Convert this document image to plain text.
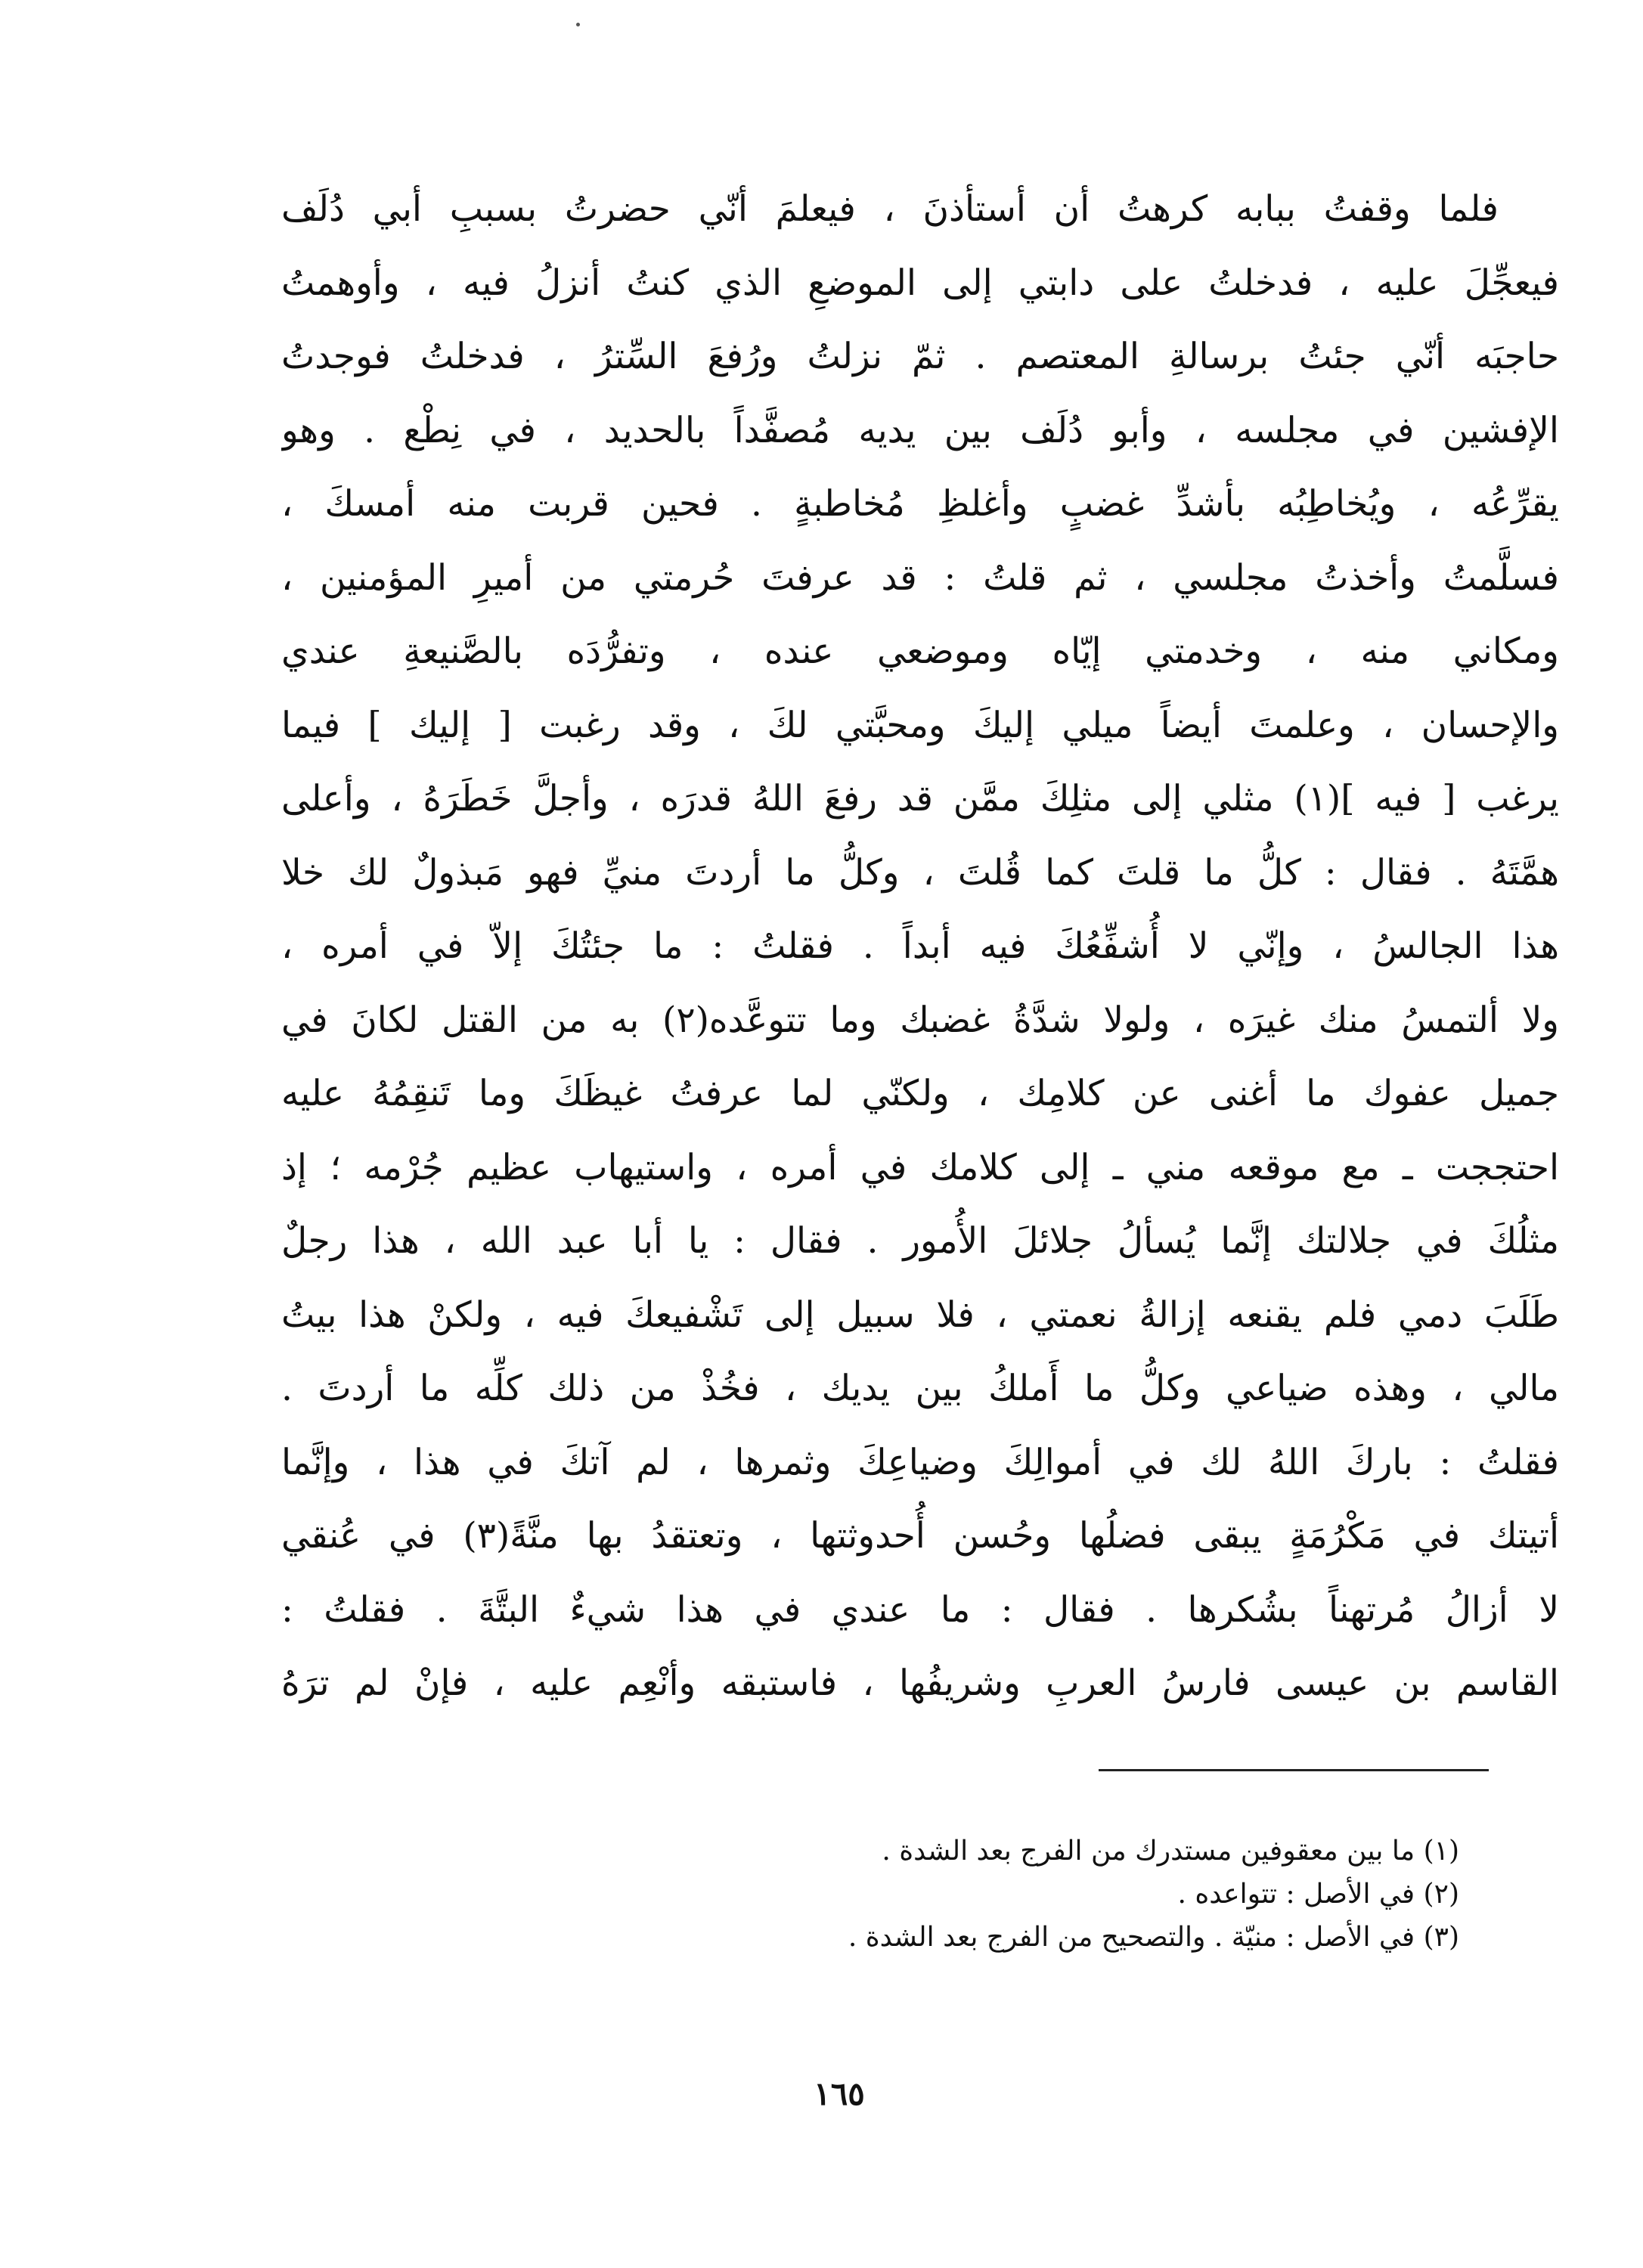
فلما وقفتُ ببابه كرهتُ أن أستأذنَ ، فيعلمَ أنّي حضرتُ بسببِ أبي دُلَف
فيعجِّلَ عليه ، فدخلتُ على دابتي إلى الموضعِ الذي كنتُ أنزلُ فيه ، وأوهمتُ
حاجبَه أنّي جئتُ برسالةِ المعتصم . ثمّ نزلتُ ورُفعَ السِّترُ ، فدخلتُ فوجدتُ
الإفشين في مجلسه ، وأبو دُلَف بين يديه مُصفَّداً بالحديد ، في نِطْع . وهو
يقرِّعُه ، ويُخاطِبُه بأشدِّ غضبٍ وأغلظِ مُخاطبةٍ . فحين قربت منه أمسكَ ،
فسلَّمتُ وأخذتُ مجلسي ، ثم قلتُ : قد عرفتَ حُرمتي من أميرِ المؤمنين ،
ومكاني منه ، وخدمتي إيّاه وموضعي عنده ، وتفرُّدَه بالصَّنيعةِ عندي
والإحسان ، وعلمتَ أيضاً ميلي إليكَ ومحبَّتي لكَ ، وقد رغبت [ إليك ] فيما
يرغب [ فيه ](١) مثلي إلى مثلِكَ ممَّن قد رفعَ اللهُ قدرَه ، وأجلَّ خَطَرَهُ ، وأعلى
همَّتَهُ . فقال : كلُّ ما قلتَ كما قُلتَ ، وكلُّ ما أردتَ منيِّ فهو مَبذولٌ لك خلا
هذا الجالسُ ، وإنّي لا أُشفِّعُكَ فيه أبداً . فقلتُ : ما جئتُكَ إلاّ في أمره ،
ولا ألتمسُ منك غيرَه ، ولولا شدَّةُ غضبك وما تتوعَّده(٢) به من القتل لكانَ في
جميل عفوك ما أغنى عن كلامِك ، ولكنّي لما عرفتُ غيظَكَ وما تَنقِمُهُ عليه
احتججت ـ مع موقعه مني ـ إلى كلامك في أمره ، واستيهاب عظيم جُرْمه ؛ إذ
مثلُكَ في جلالتك إنَّما يُسألُ جلائلَ الأُمور . فقال : يا أبا عبد الله ، هذا رجلٌ
طَلَبَ دمي فلم يقنعه إزالةُ نعمتي ، فلا سبيل إلى تَشْفيعكَ فيه ، ولكنْ هذا بيتُ
مالي ، وهذه ضياعي وكلُّ ما أَملكُ بين يديك ، فخُذْ من ذلك كلِّه ما أردتَ .
فقلتُ : باركَ اللهُ لك في أموالِكَ وضياعِكَ وثمرها ، لم آتكَ في هذا ، وإنَّما
أتيتك في مَكْرُمَةٍ يبقى فضلُها وحُسن أُحدوثتها ، وتعتقدُ بها منَّةً(٣) في عُنقي
لا أزالُ مُرتهناً بشُكرها . فقال : ما عندي في هذا شيءٌ البتَّةَ . فقلتُ :
القاسم بن عيسى فارسُ العربِ وشريفُها ، فاستبقه وأنْعِم عليه ، فإنْ لم ترَهُ
(١) ما بين معقوفين مستدرك من الفرج بعد الشدة .
(٢) في الأصل : تتواعده .
(٣) في الأصل : منيّة . والتصحيح من الفرج بعد الشدة .
١٦٥
